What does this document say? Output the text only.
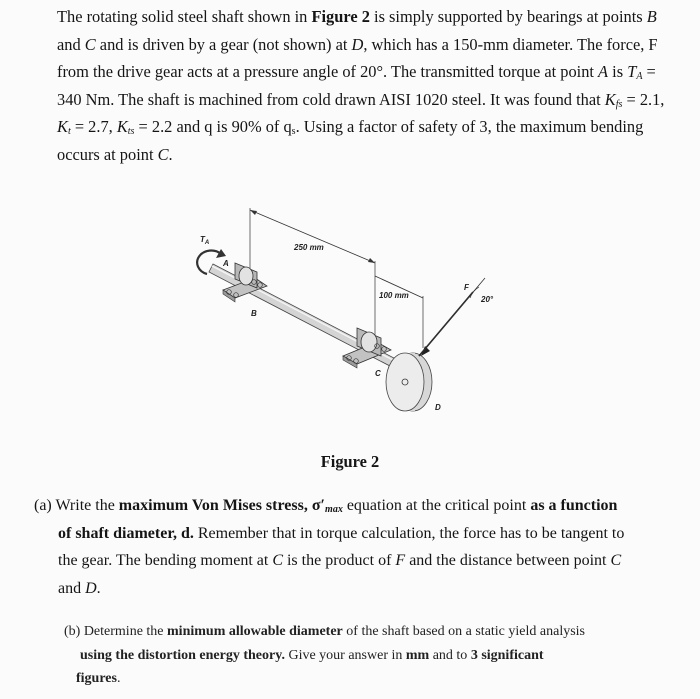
The rotating solid steel shaft shown in Figure 2 is simply supported by bearings at points B

and C and is driven by a gear (not shown) at D, which has a 150-mm diameter. The force, F

from the drive gear acts at a pressure angle of 20°. The transmitted torque at point A is $T_A$ =

340 Nm. The shaft is machined from cold drawn AISI 1020 steel. It was found that $K_{fs} = 2.1$,

$K_t = 2.7$, $K_{ts} = 2.2$ and q is 90% of $q_s$. Using a factor of safety of 3, the maximum bending

occurs at point C.

250 mm
100 mm
$T_A$
A
B
C
D
F
20°
Figure 2

(a) Write the maximum Von Mises stress, $\sigma'_{max}$ equation at the critical point as a function

of shaft diameter, d. Remember that in torque calculation, the force has to be tangent to

the gear. The bending moment at C is the product of F and the distance between point C

and D.

(b) Determine the minimum allowable diameter of the shaft based on a static yield analysis

using the distortion energy theory. Give your answer in mm and to 3 significant

figures.
